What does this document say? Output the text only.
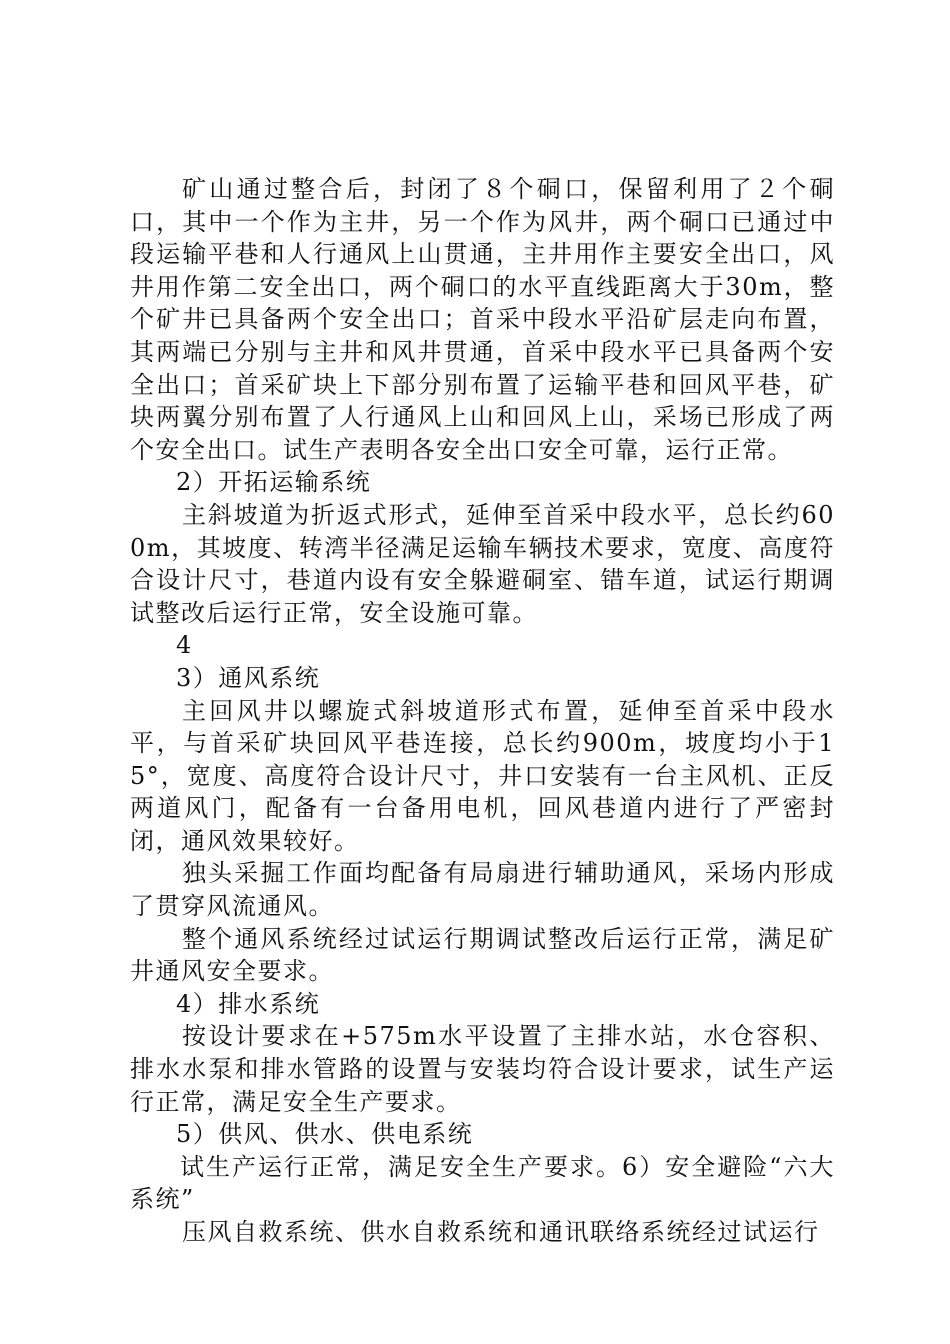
矿山通过整合后，封闭了８个硐口，保留利用了２个硐口，其中一个作为主井，另一个作为风井，两个硐口已通过中段运输平巷和人行通风上山贯通，主井用作主要安全出口，风井用作第二安全出口，两个硐口的水平直线距离大于30m，整个矿井已具备两个安全出口；首采中段水平沿矿层走向布置，其两端已分别与主井和风井贯通，首采中段水平已具备两个安全出口；首采矿块上下部分别布置了运输平巷和回风平巷，矿块两翼分别布置了人行通风上山和回风上山，采场已形成了两个安全出口。试生产表明各安全出口安全可靠，运行正常。

2）开拓运输系统

主斜坡道为折返式形式，延伸至首采中段水平，总长约600m，其坡度、转湾半径满足运输车辆技术要求，宽度、高度符合设计尺寸，巷道内设有安全躲避硐室、错车道，试运行期调试整改后运行正常，安全设施可靠。

4

3）通风系统

主回风井以螺旋式斜坡道形式布置，延伸至首采中段水平，与首采矿块回风平巷连接，总长约900m，坡度均小于15°，宽度、高度符合设计尺寸，井口安装有一台主风机、正反两道风门，配备有一台备用电机，回风巷道内进行了严密封闭，通风效果较好。

独头采掘工作面均配备有局扇进行辅助通风，采场内形成了贯穿风流通风。

整个通风系统经过试运行期调试整改后运行正常，满足矿井通风安全要求。

4）排水系统

按设计要求在+575m水平设置了主排水站，水仓容积、排水水泵和排水管路的设置与安装均符合设计要求，试生产运行正常，满足安全生产要求。

5）供风、供水、供电系统

试生产运行正常，满足安全生产要求。6）安全避险“六大系统”

压风自救系统、供水自救系统和通讯联络系统经过试运行
